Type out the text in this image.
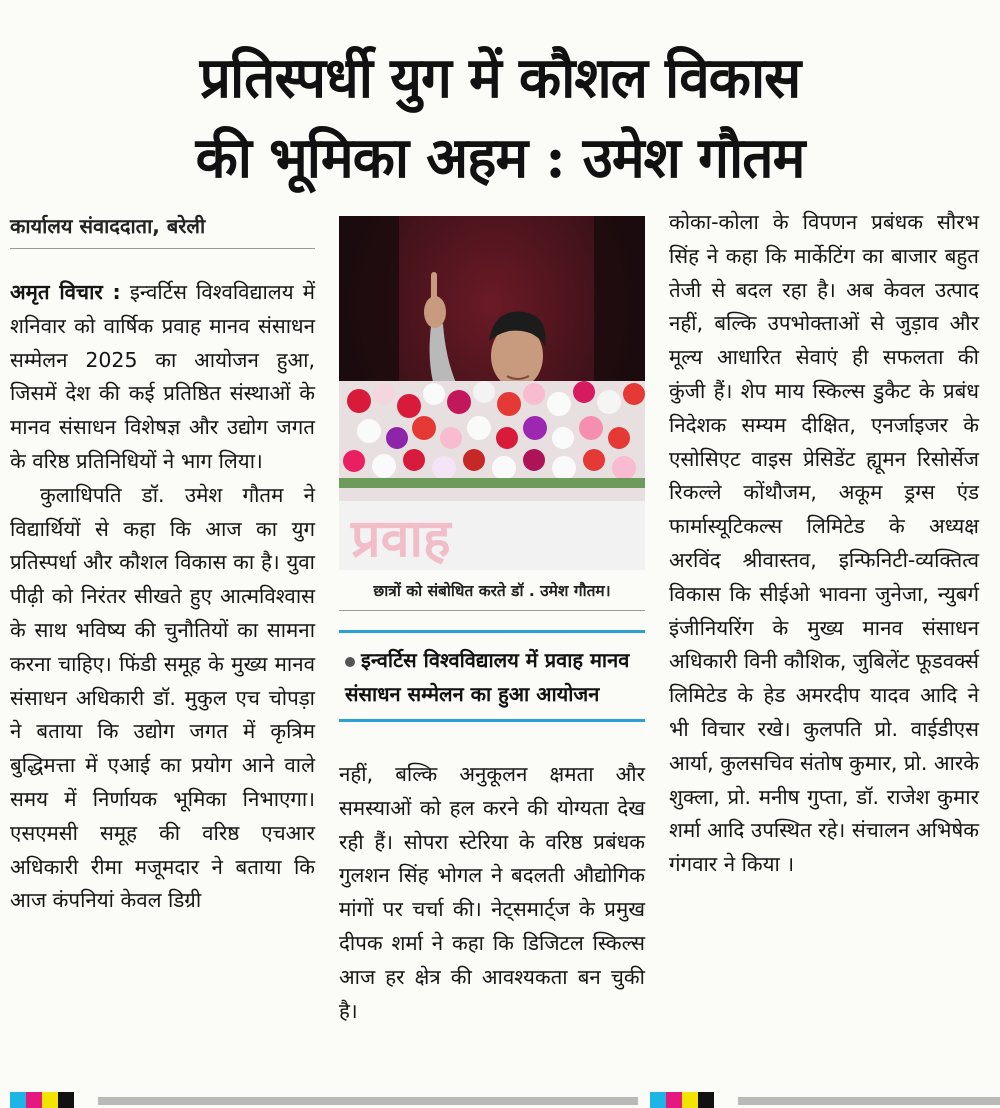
प्रतिस्पर्धी युग में कौशल विकास
की भूमिका अहम : उमेश गौतम
कार्यालय संवाददाता, बरेली

अमृत विचार : इन्वर्टिस विश्वविद्यालय में शनिवार को वार्षिक प्रवाह मानव संसाधन सम्मेलन 2025 का आयोजन हुआ, जिसमें देश की कई प्रतिष्ठित संस्थाओं के मानव संसाधन विशेषज्ञ और उद्योग जगत के वरिष्ठ प्रतिनिधियों ने भाग लिया।

कुलाधिपति डॉ. उमेश गौतम ने विद्यार्थियों से कहा कि आज का युग प्रतिस्पर्धा और कौशल विकास का है। युवा पीढ़ी को निरंतर सीखते हुए आत्मविश्वास के साथ भविष्य की चुनौतियों का सामना करना चाहिए। फिंडी समूह के मुख्य मानव संसाधन अधिकारी डॉ. मुकुल एच चोपड़ा ने बताया कि उद्योग जगत में कृत्रिम बुद्धिमत्ता में एआई का प्रयोग आने वाले समय में निर्णायक भूमिका निभाएगा। एसएमसी समूह की वरिष्ठ एचआर अधिकारी रीमा मजूमदार ने बताया कि आज कंपनियां केवल डिग्री

प्रवाह
छात्रों को संबोधित करते डॉ . उमेश गौतम।
इन्वर्टिस विश्वविद्यालय में प्रवाह मानव संसाधन सम्मेलन का हुआ आयोजन

नहीं, बल्कि अनुकूलन क्षमता और समस्याओं को हल करने की योग्यता देख रही हैं। सोपरा स्टेरिया के वरिष्ठ प्रबंधक गुलशन सिंह भोगल ने बदलती औद्योगिक मांगों पर चर्चा की। नेट्समार्ट्ज के प्रमुख दीपक शर्मा ने कहा कि डिजिटल स्किल्स आज हर क्षेत्र की आवश्यकता बन चुकी है।

कोका-कोला के विपणन प्रबंधक सौरभ सिंह ने कहा कि मार्केटिंग का बाजार बहुत तेजी से बदल रहा है। अब केवल उत्पाद नहीं, बल्कि उपभोक्ताओं से जुड़ाव और मूल्य आधारित सेवाएं ही सफलता की कुंजी हैं। शेप माय स्किल्स डुकैट के प्रबंध निदेशक सम्यम दीक्षित, एनर्जाइजर के एसोसिएट वाइस प्रेसिडेंट ह्यूमन रिसोर्सेज रिकल्ले कोंथौजम, अकूम ड्रग्स एंड फार्मास्यूटिकल्स लिमिटेड के अध्यक्ष अरविंद श्रीवास्तव, इन्फिनिटी-व्यक्तित्व विकास कि सीईओ भावना जुनेजा, न्युबर्ग इंजीनियरिंग के मुख्य मानव संसाधन अधिकारी विनी कौशिक, जुबिलेंट फूडवर्क्स लिमिटेड के हेड अमरदीप यादव आदि ने भी विचार रखे। कुलपति प्रो. वाईडीएस आर्या, कुलसचिव संतोष कुमार, प्रो. आरके शुक्ला, प्रो. मनीष गुप्ता, डॉ. राजेश कुमार शर्मा आदि उपस्थित रहे। संचालन अभिषेक गंगवार ने किया ।
